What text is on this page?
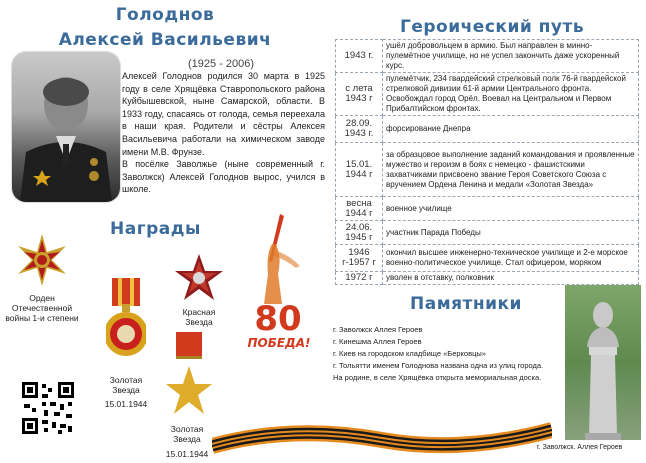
Голоднов
Алексей Васильевич
(1925 - 2006)

Алексей Голоднов родился 30 марта в 1925 году в селе Хрящёвка Ставропольского района Куйбышевской, ныне Самарской, области. В 1933 году, спасаясь от голода, семья переехала в наши края. Родители и сёстры Алексея Васильевича работали на химическом заводе имени М.В. Фрунзе.

В посёлке Заволжье (ныне современный г. Заволжск) Алексей Голоднов вырос, учился в школе.

Награды
Орден Отечественной войны 1-и степени
Золотая Звезда
15.01.1944
Красная Звезда
Золотая Звезда
15.01.1944
80
ПОБЕДА!
Героический путь
1943 г.	ушёл добровольцем в армию. Был направлен в минно-пулемётное училище, но не успел закончить даже ускоренный курс.
с лета 1943 г	пулемётчик, 234 гвардейский стрелковый полк 76-й гвардейской стрелковой дивизии 61-й армии Центрального фронта. Освобождал город Орёл. Воевал на Центральном и Первом Прибалтийском фронтах.
28.09. 1943 г.	форсирование Днепра
15.01. 1944 г	за образцовое выполнение заданий командования и проявленные мужество и героизм в боях с немецко - фашистскими захватчиками присвоено звание Героя Советского Союза с вручением Ордена Ленина и медали «Золотая Звезда»
весна 1944 г	военное училище
24.06. 1945 г	участник Парада Победы
1946 г-1957 г	окончил высшее инженерно-техническое училище и 2-е морское военно-политическое училище. Стал офицером, моряком
1972 г	уволен в отставку, полковник
Памятники
г. Заволжск Аллея Героев
г. Кинешма Аллея Героев
г. Киев на городском кладбище «Берковцы»
г. Тольятти именем Голоднова названа одна из улиц города.
На родине, в селе Хрящёвка открыта мемориальная доска.
г. Заволжск. Аллея Героев
